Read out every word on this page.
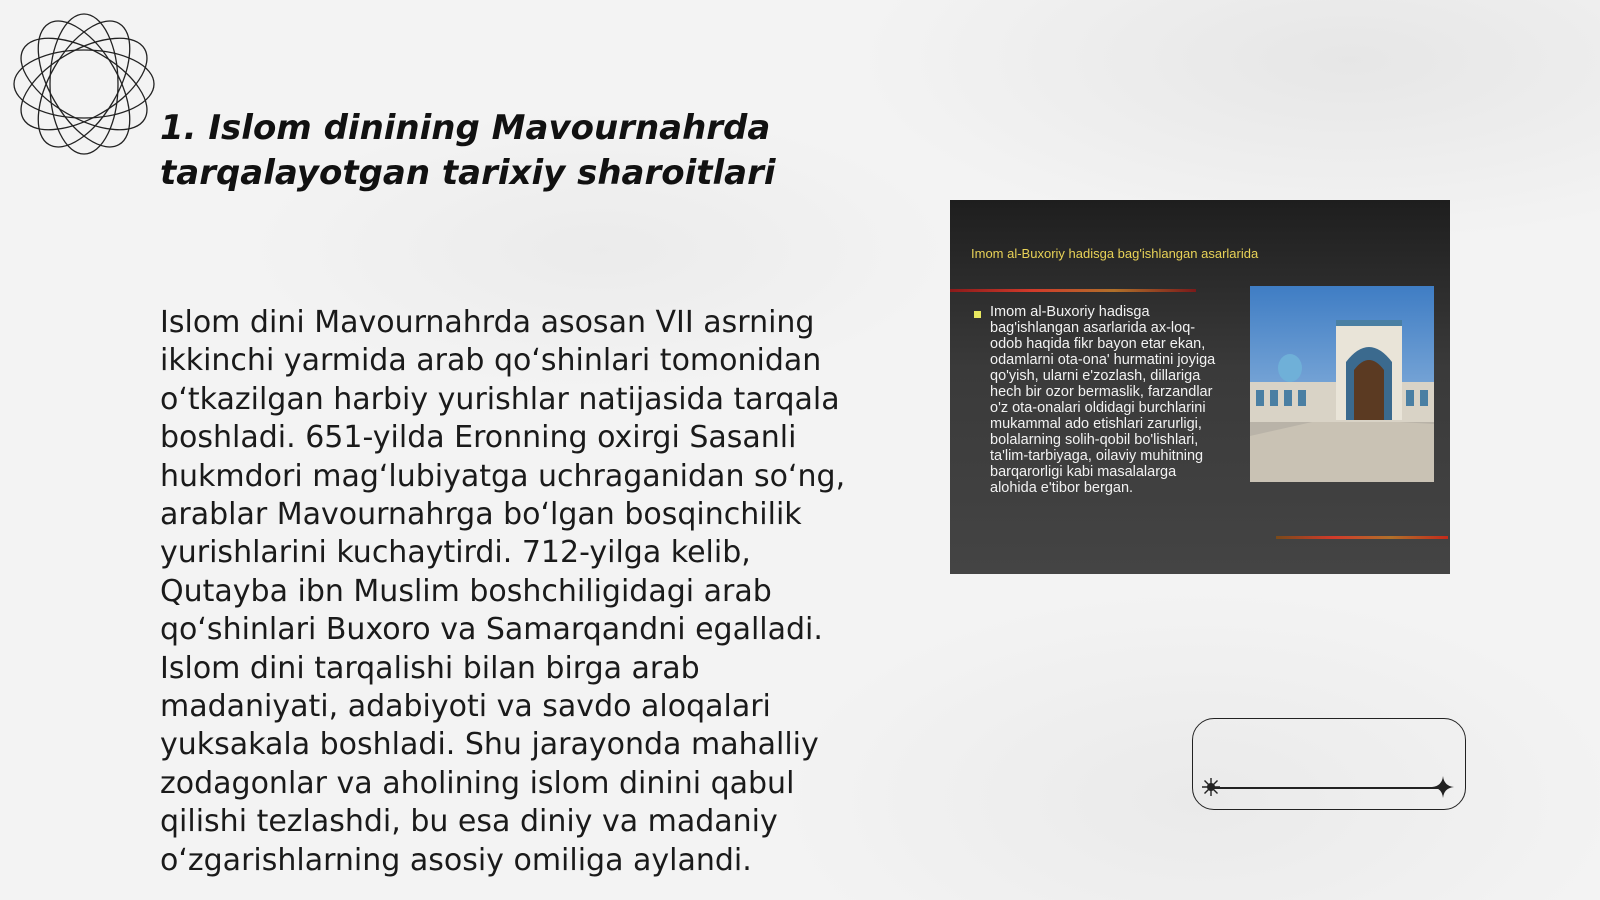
1. Islom dinining Mavournahrda tarqalayotgan tarixiy sharoitlari

Islom dini Mavournahrda asosan VII asrning ikkinchi yarmida arab qo‘shinlari tomonidan o‘tkazilgan harbiy yurishlar natijasida tarqala boshladi. 651-yilda Eronning oxirgi Sasanli hukmdori mag‘lubiyatga uchraganidan so‘ng, arablar Mavournahrga bo‘lgan bosqinchilik yurishlarini kuchaytirdi. 712-yilga kelib, Qutayba ibn Muslim boshchiligidagi arab qo‘shinlari Buxoro va Samarqandni egalladi. Islom dini tarqalishi bilan birga arab madaniyati, adabiyoti va savdo aloqalari yuksakala boshladi. Shu jarayonda mahalliy zodagonlar va aholining islom dinini qabul qilishi tezlashdi, bu esa diniy va madaniy o‘zgarishlarning asosiy omiliga aylandi.

Imom al-Buxoriy hadisga bag'ishlangan asarlarida
Imom al-Buxoriy hadisga bag'ishlangan asarlarida ax-loq-odob haqida fikr bayon etar ekan, odamlarni ota-ona' hurmatini joyiga qo'yish, ularni e'zozlash, dillariga hech bir ozor bermaslik, farzandlar o'z ota-onalari oldidagi burchlarini mukammal ado etishlari zarurligi, bolalarning solih-qobil bo'lishlari, ta'lim-tarbiyaga, oilaviy muhitning barqarorligi kabi masalalarga alohida e'tibor bergan.
